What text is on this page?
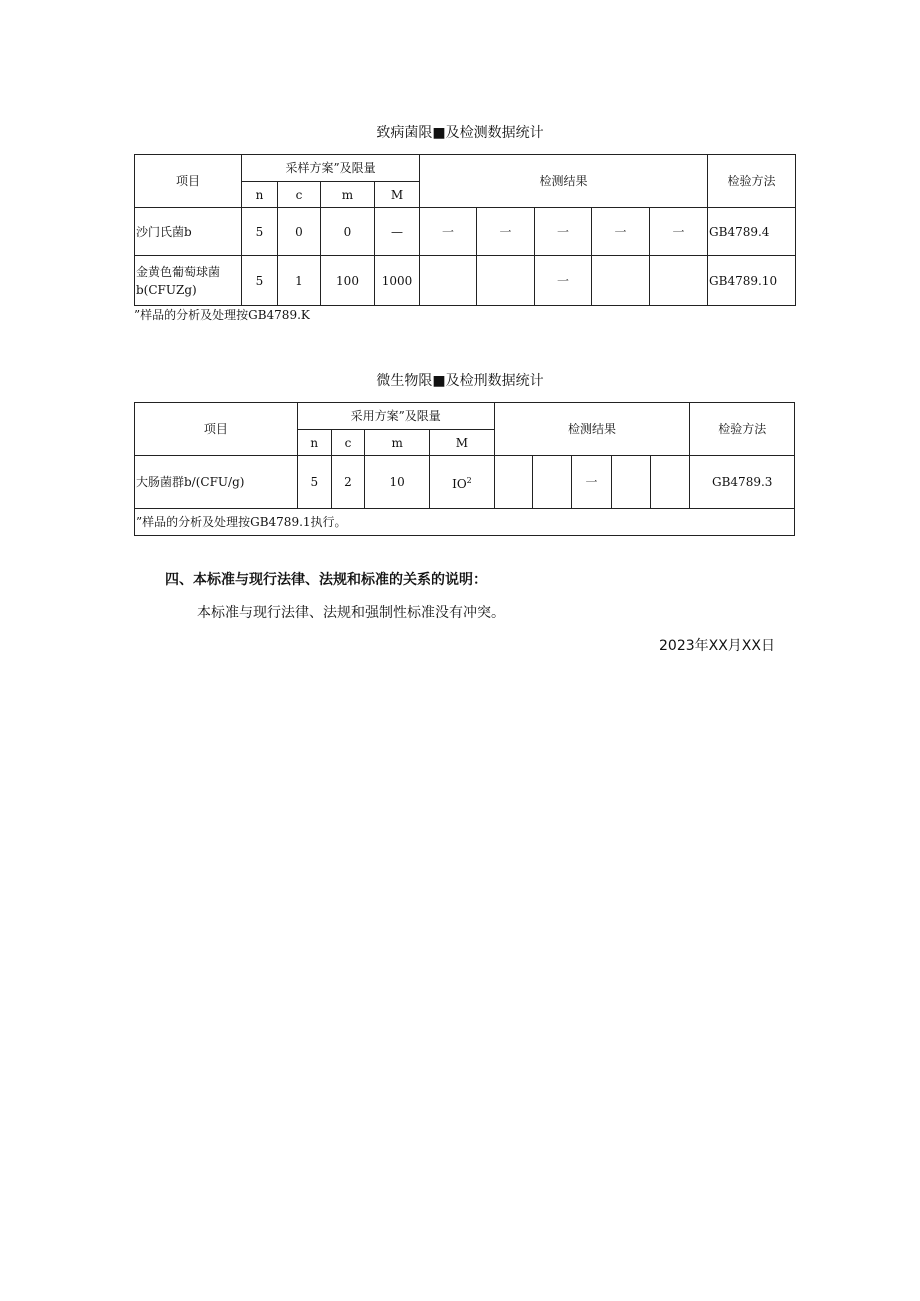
致病菌限■及检测数据统计
项目	采样方案”及限量				检测结果					检验方法
	n	c	m	M						
沙门氏菌b	5	0	0	—	一	一	一	一	一	GB4789.4
金黄色葡萄球菌b(CFUZg)	5	1	100	1000			一			GB4789.10
”样品的分析及处理按GB4789.K
微生物限■及检刑数据统计
项目	采用方案”及限量				检测结果					检验方法
	n	c	m	M						
大肠菌群b/(CFU/g)	5	2	10	$IO^2$			一			GB4789.3
”样品的分析及处理按GB4789.1执行。										
四、本标准与现行法律、法规和标准的关系的说明：
本标准与现行法律、法规和强制性标准没有冲突。
2023年XX月XX日
